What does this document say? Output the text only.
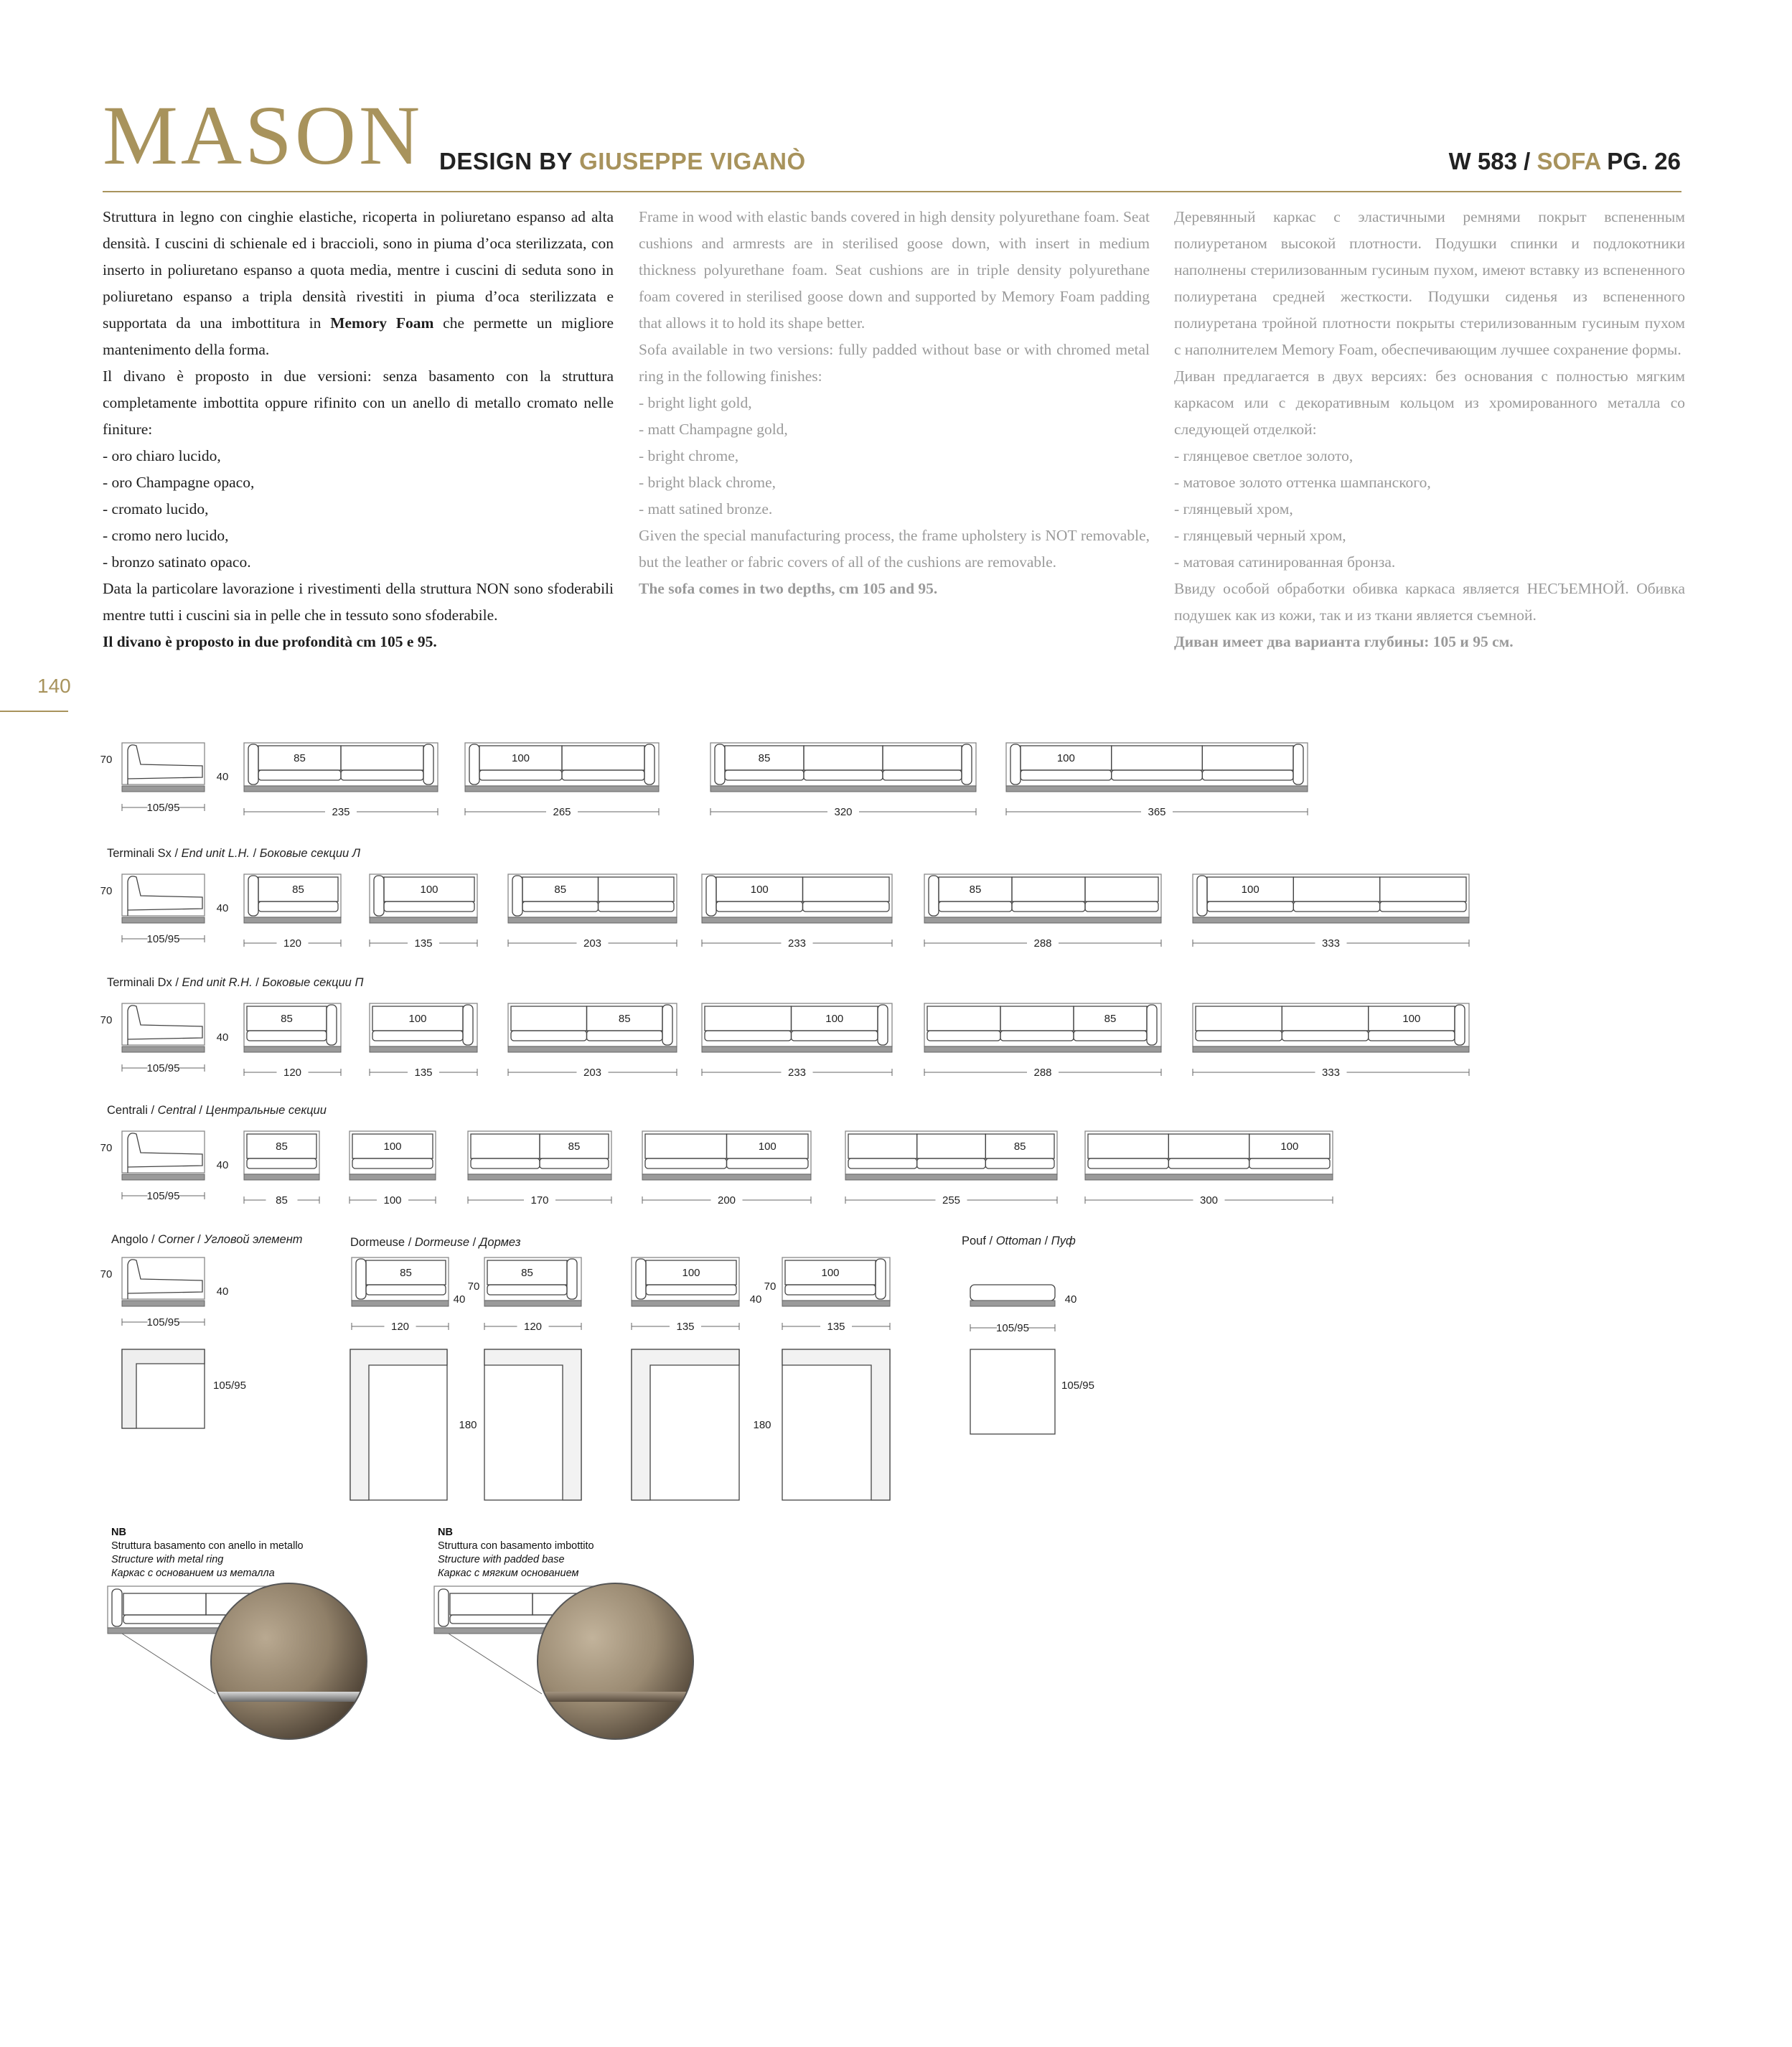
MASON DESIGN BY GIUSEPPE VIGANÒ	W 583 / SOFA PG. 26

Struttura in legno con cinghie elastiche, ricoperta in poliuretano espanso ad alta densità. I cuscini di schienale ed i braccioli, sono in piuma d’oca sterilizzata, con inserto in poliuretano espanso a quota media, mentre i cuscini di seduta sono in poliuretano espanso a tripla densità rivestiti in piuma d’oca sterilizzata e supportata da una imbottitura in Memory Foam che permette un migliore mantenimento della forma.

Il divano è proposto in due versioni: senza basamento con la struttura completamente imbottita oppure rifinito con un anello di metallo cromato nelle finiture:

- oro chiaro lucido,

- oro Champagne opaco,

- cromato lucido,

- cromo nero lucido,

- bronzo satinato opaco.

Data la particolare lavorazione i rivestimenti della struttura NON sono sfoderabili mentre tutti i cuscini sia in pelle che in tessuto sono sfoderabile.

Il divano è proposto in due profondità cm 105 e 95.

Frame in wood with elastic bands covered in high density polyurethane foam. Seat cushions and armrests are in sterilised goose down, with insert in medium thickness polyurethane foam. Seat cushions are in triple density polyurethane foam covered in sterilised goose down and supported by Memory Foam padding that allows it to hold its shape better.

Sofa available in two versions: fully padded without base or with chromed metal ring in the following finishes:

- bright light gold,

- matt Champagne gold,

- bright chrome,

- bright black chrome,

- matt satined bronze.

Given the special manufacturing process, the frame upholstery is NOT removable, but the leather or fabric covers of all of the cushions are removable.

The sofa comes in two depths, cm 105 and 95.

Деревянный каркас с эластичными ремнями покрыт вспененным полиуретаном высокой плотности. Подушки спинки и подлокотники наполнены стерилизованным гусиным пухом, имеют вставку из вспененного полиуретана средней жесткости. Подушки сиденья из вспененного полиуретана тройной плотности покрыты стерилизованным гусиным пухом с наполнителем Memory Foam, обеспечивающим лучшее сохранение формы.

Диван предлагается в двух версиях: без основания с полностью мягким каркасом или с декоративным кольцом из хромированного металла со следующей отделкой:

- глянцевое светлое золото,

- матовое золото оттенка шампанского,

- глянцевый хром,

- глянцевый черный хром,

- матовая сатинированная бронза.

Ввиду особой обработки обивка каркаса является НЕСЪЕМНОЙ. Обивка подушек как из кожи, так и из ткани является съемной.

Диван имеет два варианта глубины: 105 и 95 см.

140
Terminali Sx / End unit L.H. / Боковые секции Л
Terminali Dx / End unit R.H. / Боковые секции П
Centrali / Central / Центральные секции
Angolo / Corner / Угловой элемент	Dormeuse / Dormeuse / Дормез	Pouf / Ottoman / Пуф
70
40
105/95
85
235
100
265
85
320
100
365
70
40
105/95
85
120
100
135
85
203
100
233
85
288
100
333
70
40
105/95
85
120
100
135
85
203
100
233
85
288
100
333
70
40
105/95
85
85
100
100
85
170
100
200
85
255
100
300
70
40
105/95
105/95
85
120
40
70
85
120
100
135
40
70
100
135
180	180
40
105/95
105/95
NB
Struttura basamento con anello in metallo
Structure with metal ring
Каркас с основанием из металла
NB
Struttura con basamento imbottito
Structure with padded base
Каркас с мягким основанием
